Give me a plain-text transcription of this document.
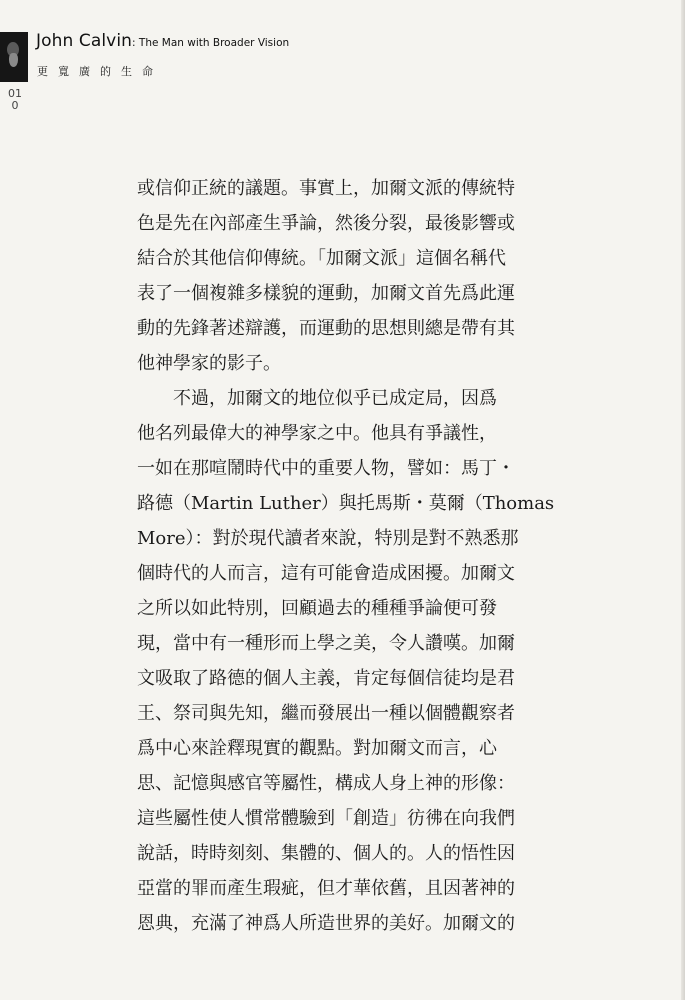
John Calvin: The Man with Broader Vision
更寬廣的生命
010
或信仰正統的議題。事實上，加爾文派的傳統特
色是先在內部產生爭論，然後分裂，最後影響或
結合於其他信仰傳統。「加爾文派」這個名稱代
表了一個複雜多樣貌的運動，加爾文首先爲此運
動的先鋒著述辯護，而運動的思想則總是帶有其
他神學家的影子。
　　不過，加爾文的地位似乎已成定局，因爲
他名列最偉大的神學家之中。他具有爭議性，
一如在那喧鬧時代中的重要人物，譬如：馬丁・
路德（Martin Luther）與托馬斯・莫爾（Thomas
More）：對於現代讀者來說，特別是對不熟悉那
個時代的人而言，這有可能會造成困擾。加爾文
之所以如此特別，回顧過去的種種爭論便可發
現，當中有一種形而上學之美，令人讚嘆。加爾
文吸取了路德的個人主義，肯定每個信徒均是君
王、祭司與先知，繼而發展出一種以個體觀察者
爲中心來詮釋現實的觀點。對加爾文而言，心
思、記憶與感官等屬性，構成人身上神的形像：
這些屬性使人慣常體驗到「創造」彷彿在向我們
說話，時時刻刻、集體的、個人的。人的悟性因
亞當的罪而產生瑕疵，但才華依舊，且因著神的
恩典，充滿了神爲人所造世界的美好。加爾文的
